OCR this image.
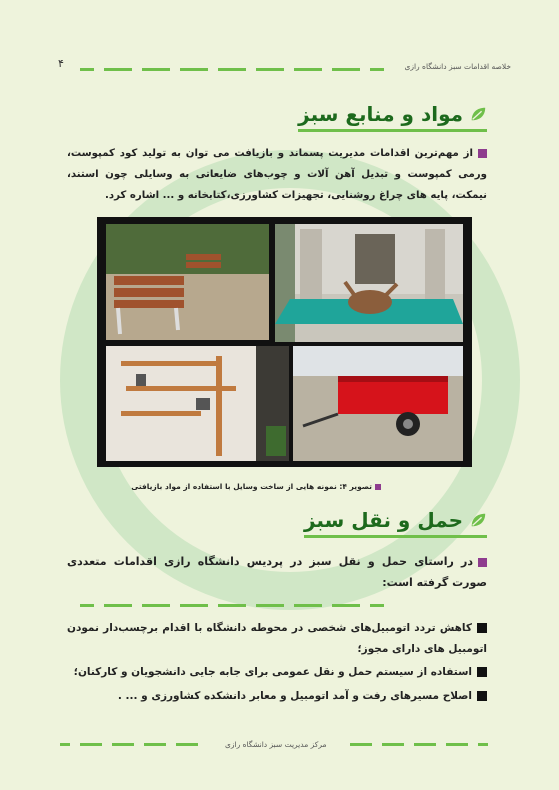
خلاصه اقدامات سبز دانشگاه رازی
۴
مواد و منابع سبز
از مهم‌ترین اقدامات مدیریت پسماند و بازیافت می توان به تولید کود کمپوست، ورمی کمپوست و تبدیل آهن آلات و چوب‌های ضایعاتی به وسایلی چون استند، نیمکت، پایه های چراغ روشنایی، تجهیزات کشاورزی،کتابخانه و ... اشاره کرد.
تصویر ۴: نمونه هایی از ساخت وسایل با استفاده از مواد بازیافتی
حمل و نقل سبز
در راستای حمل و نقل سبز در پردیس دانشگاه رازی اقدامات متعددی صورت گرفته است:
کاهش تردد اتومبیل‌های شخصی در محوطه دانشگاه با اقدام برچسب‌دار نمودن اتومبیل های دارای مجوز؛
استفاده از سیستم حمل و نقل عمومی برای جابه جایی دانشجویان و کارکنان؛
اصلاح مسیرهای رفت و آمد اتومبیل و معابر دانشکده کشاورزی و ... .
مرکز مدیریت سبز دانشگاه رازی
